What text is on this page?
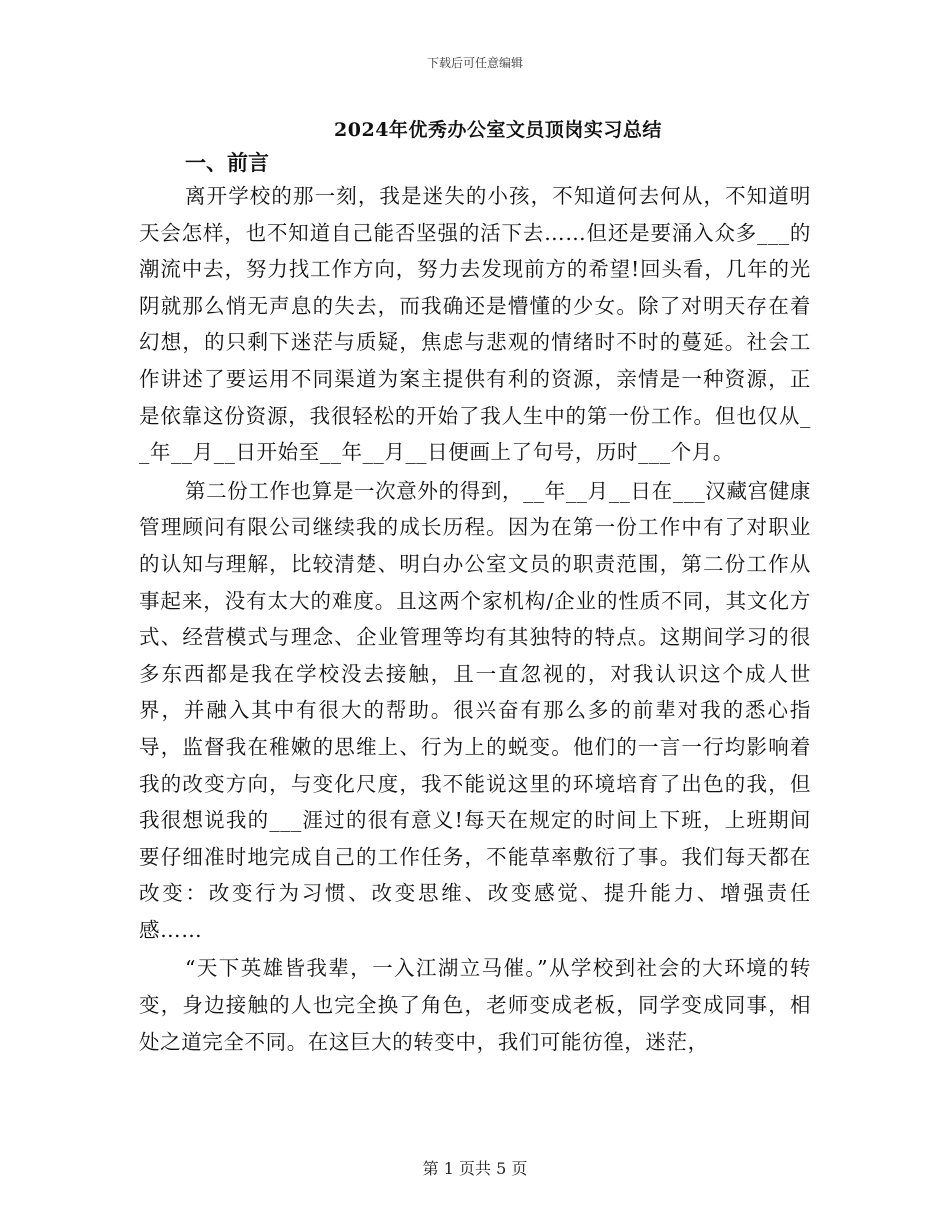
下载后可任意编辑
2024年优秀办公室文员顶岗实习总结
一、前言

离开学校的那一刻，我是迷失的小孩，不知道何去何从，不知道明天会怎样，也不知道自己能否坚强的活下去……但还是要涌入众多___的潮流中去，努力找工作方向，努力去发现前方的希望!回头看，几年的光阴就那么悄无声息的失去，而我确还是懵懂的少女。除了对明天存在着幻想，的只剩下迷茫与质疑，焦虑与悲观的情绪时不时的蔓延。社会工作讲述了要运用不同渠道为案主提供有利的资源，亲情是一种资源，正是依靠这份资源，我很轻松的开始了我人生中的第一份工作。但也仅从__年__月__日开始至__年__月__日便画上了句号，历时___个月。

第二份工作也算是一次意外的得到，__年__月__日在___汉藏宫健康管理顾问有限公司继续我的成长历程。因为在第一份工作中有了对职业的认知与理解，比较清楚、明白办公室文员的职责范围，第二份工作从事起来，没有太大的难度。且这两个家机构/企业的性质不同，其文化方式、经营模式与理念、企业管理等均有其独特的特点。这期间学习的很多东西都是我在学校没去接触，且一直忽视的，对我认识这个成人世界，并融入其中有很大的帮助。很兴奋有那么多的前辈对我的悉心指导，监督我在稚嫩的思维上、行为上的蜕变。他们的一言一行均影响着我的改变方向，与变化尺度，我不能说这里的环境培育了出色的我，但我很想说我的___涯过的很有意义!每天在规定的时间上下班，上班期间要仔细准时地完成自己的工作任务，不能草率敷衍了事。我们每天都在改变：改变行为习惯、改变思维、改变感觉、提升能力、增强责任感……

“天下英雄皆我辈，一入江湖立马催。”从学校到社会的大环境的转变，身边接触的人也完全换了角色，老师变成老板，同学变成同事，相处之道完全不同。在这巨大的转变中，我们可能彷徨，迷茫，

第 1 页共 5 页
